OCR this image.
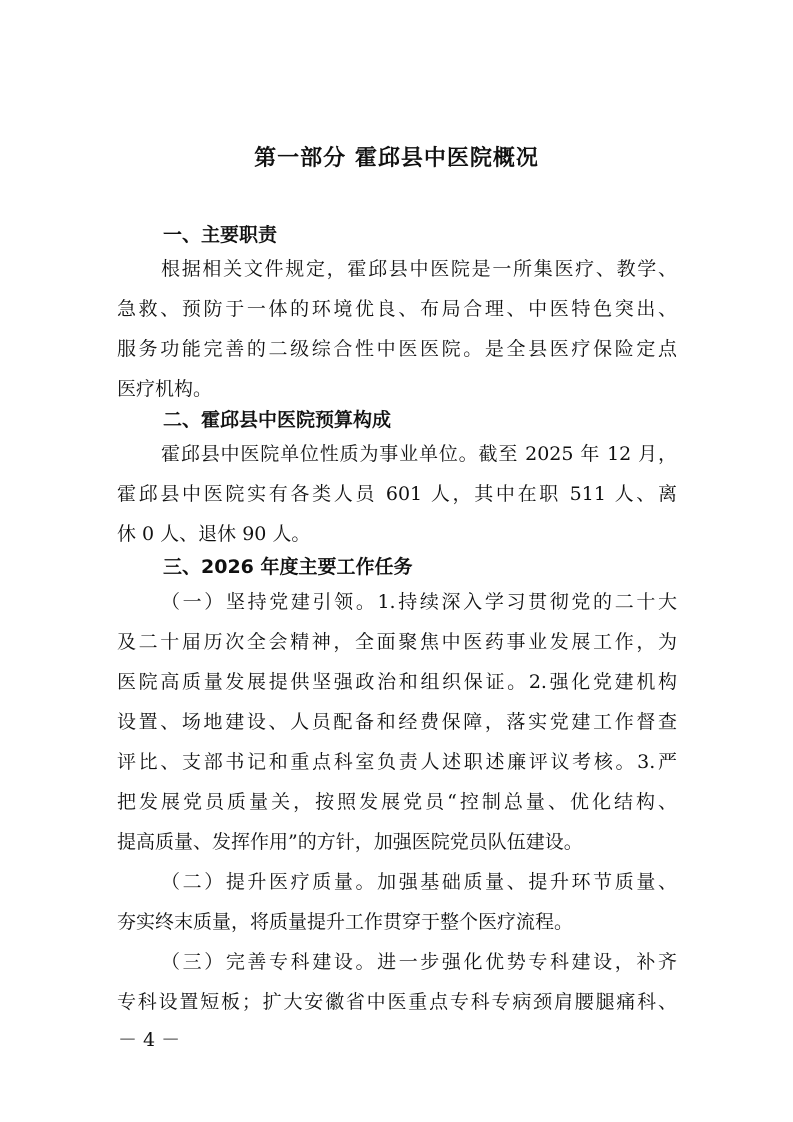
第一部分 霍邱县中医院概况
一、主要职责
根据相关文件规定，霍邱县中医院是一所集医疗、教学、
急救、预防于一体的环境优良、布局合理、中医特色突出、
服务功能完善的二级综合性中医医院。是全县医疗保险定点
医疗机构。
二、霍邱县中医院预算构成
霍邱县中医院单位性质为事业单位。截至 2025 年 12 月，
霍邱县中医院实有各类人员 601 人，其中在职 511 人、离
休 0 人、退休 90 人。
三、2026 年度主要工作任务
（一）坚持党建引领。1.持续深入学习贯彻党的二十大
及二十届历次全会精神，全面聚焦中医药事业发展工作，为
医院高质量发展提供坚强政治和组织保证。2.强化党建机构
设置、场地建设、人员配备和经费保障，落实党建工作督查
评比、支部书记和重点科室负责人述职述廉评议考核。3.严
把发展党员质量关，按照发展党员“控制总量、优化结构、
提高质量、发挥作用”的方针，加强医院党员队伍建设。
（二）提升医疗质量。加强基础质量、提升环节质量、
夯实终末质量，将质量提升工作贯穿于整个医疗流程。
（三）完善专科建设。进一步强化优势专科建设，补齐
专科设置短板；扩大安徽省中医重点专科专病颈肩腰腿痛科、
－ 4 －
